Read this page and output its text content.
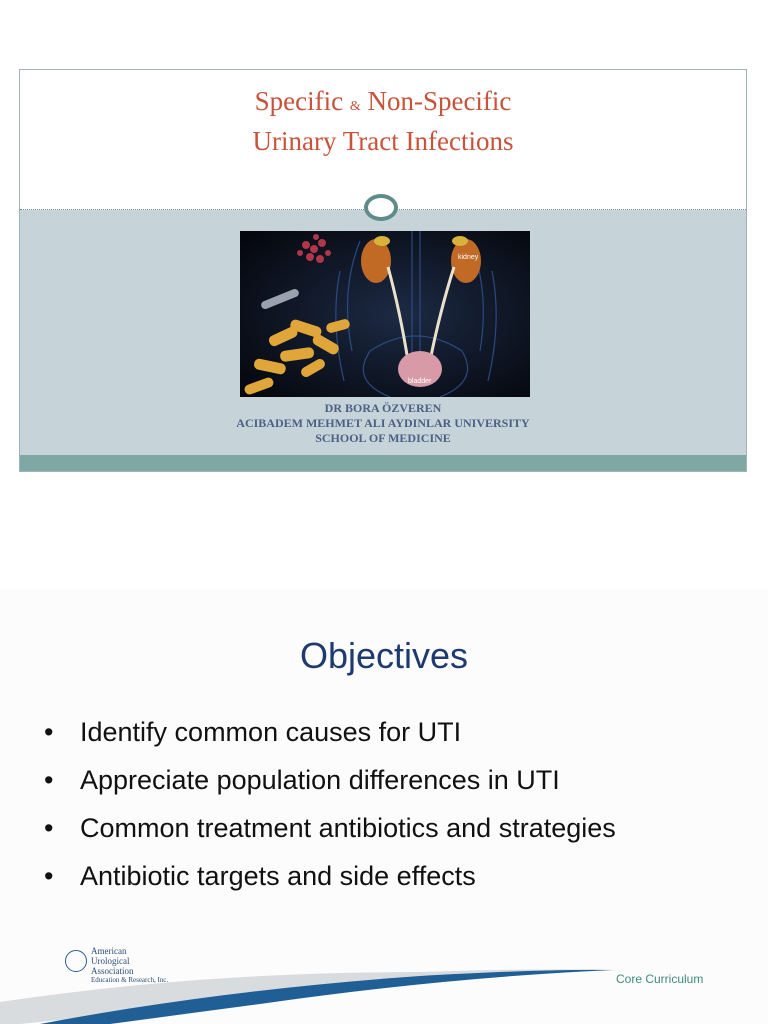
Specific & Non-Specific
Urinary Tract Infections
kidney
bladder
DR BORA ÖZVEREN
ACIBADEM MEHMET ALI AYDINLAR UNIVERSITY
SCHOOL OF MEDICINE
Objectives
• Identify common causes for UTI
• Appreciate population differences in UTI
• Common treatment antibiotics and strategies
• Antibiotic targets and side effects
American
Urological
Association
Education & Research, Inc.	Core Curriculum
